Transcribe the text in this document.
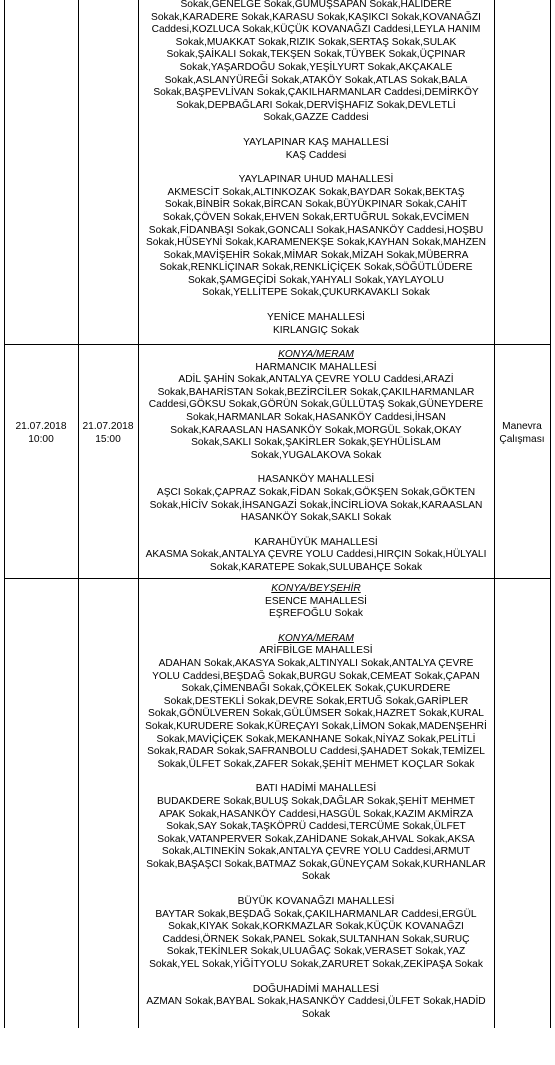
Sokak,GENELGE Sokak,GÜMÜŞSAPAN Sokak,HALIDERE

Sokak,KARADERE Sokak,KARASU Sokak,KAŞIKCI Sokak,KOVANAĞZI

Caddesi,KOZLUCA Sokak,KÜÇÜK KOVANAĞZI Caddesi,LEYLA HANIM

Sokak,MUAKKAT Sokak,RIZIK Sokak,SERTAŞ Sokak,SULAK

Sokak,ŞAİKALI Sokak,TEKŞEN Sokak,TÜYBEK Sokak,ÜÇPINAR

Sokak,YAŞARDOĞU Sokak,YEŞİLYURT Sokak,AKÇAKALE

Sokak,ASLANYÜREĞİ Sokak,ATAKÖY Sokak,ATLAS Sokak,BALA

Sokak,BAŞPEVLİVAN Sokak,ÇAKILHARMANLAR Caddesi,DEMİRKÖY

Sokak,DEPBAĞLARI Sokak,DERVİŞHAFIZ Sokak,DEVLETLİ

Sokak,GAZZE Caddesi

YAYLAPINAR KAŞ MAHALLESİ

KAŞ Caddesi

YAYLAPINAR UHUD MAHALLESİ

AKMESCİT Sokak,ALTINKOZAK Sokak,BAYDAR Sokak,BEKTAŞ

Sokak,BİNBİR Sokak,BİRCAN Sokak,BÜYÜKPINAR Sokak,CAHİT

Sokak,ÇÖVEN Sokak,EHVEN Sokak,ERTUĞRUL Sokak,EVCİMEN

Sokak,FİDANBAŞI Sokak,GONCALI Sokak,HASANKÖY Caddesi,HOŞBU

Sokak,HÜSEYNİ Sokak,KARAMENEKŞE Sokak,KAYHAN Sokak,MAHZEN

Sokak,MAVİŞEHİR Sokak,MİMAR Sokak,MİZAH Sokak,MÜBERRA

Sokak,RENKLİÇINAR Sokak,RENKLİÇİÇEK Sokak,SÖĞÜTLÜDERE

Sokak,ŞAMGEÇİDİ Sokak,YAHYALI Sokak,YAYLAYOLU

Sokak,YELLİTEPE Sokak,ÇUKURKAVAKLI Sokak

YENİCE MAHALLESİ

KIRLANGIÇ Sokak

KONYA/MERAM

HARMANCIK MAHALLESİ

ADİL ŞAHİN Sokak,ANTALYA ÇEVRE YOLU Caddesi,ARAZİ

Sokak,BAHARİSTAN Sokak,BEZİRCİLER Sokak,ÇAKILHARMANLAR

Caddesi,GÖKSU Sokak,GÖRÜN Sokak,GÜLLÜTAŞ Sokak,GÜNEYDERE

Sokak,HARMANLAR Sokak,HASANKÖY Caddesi,İHSAN

Sokak,KARAASLAN HASANKÖY Sokak,MORGÜL Sokak,OKAY

Sokak,SAKLI Sokak,ŞAKİRLER Sokak,ŞEYHÜLİSLAM

Sokak,YUGALAKOVA Sokak

HASANKÖY MAHALLESİ

AŞCI Sokak,ÇAPRAZ Sokak,FİDAN Sokak,GÖKŞEN Sokak,GÖKTEN

Sokak,HİCİV Sokak,İHSANGAZİ Sokak,İNCİRLİOVA Sokak,KARAASLAN

HASANKÖY Sokak,SAKLI Sokak

KARAHÜYÜK MAHALLESİ

AKASMA Sokak,ANTALYA ÇEVRE YOLU Caddesi,HIRÇIN Sokak,HÜLYALI

Sokak,KARATEPE Sokak,SULUBAHÇE Sokak

KONYA/BEYŞEHİR

ESENCE MAHALLESİ

EŞREFOĞLU Sokak

KONYA/MERAM

ARİFBİLGE MAHALLESİ

ADAHAN Sokak,AKASYA Sokak,ALTINYALI Sokak,ANTALYA ÇEVRE

YOLU Caddesi,BEŞDAĞ Sokak,BURGU Sokak,CEMEAT Sokak,ÇAPAN

Sokak,ÇİMENBAĞI Sokak,ÇÖKELEK Sokak,ÇUKURDERE

Sokak,DESTEKLİ Sokak,DEVRE Sokak,ERTUĞ Sokak,GARİPLER

Sokak,GÖNÜLVEREN Sokak,GÜLÜMSER Sokak,HAZRET Sokak,KURAL

Sokak,KURUDERE Sokak,KÜREÇAYI Sokak,LİMON Sokak,MADENŞEHRİ

Sokak,MAVİÇİÇEK Sokak,MEKANHANE Sokak,NİYAZ Sokak,PELİTLİ

Sokak,RADAR Sokak,SAFRANBOLU Caddesi,ŞAHADET Sokak,TEMİZEL

Sokak,ÜLFET Sokak,ZAFER Sokak,ŞEHİT MEHMET KOÇLAR Sokak

BATI HADİMİ MAHALLESİ

BUDAKDERE Sokak,BULUŞ Sokak,DAĞLAR Sokak,ŞEHİT MEHMET

APAK Sokak,HASANKÖY Caddesi,HASGÜL Sokak,KAZIM AKMİRZA

Sokak,SAY Sokak,TAŞKÖPRÜ Caddesi,TERCÜME Sokak,ÜLFET

Sokak,VATANPERVER Sokak,ZAHİDANE Sokak,AHVAL Sokak,AKSA

Sokak,ALTINEKİN Sokak,ANTALYA ÇEVRE YOLU Caddesi,ARMUT

Sokak,BAŞAŞCI Sokak,BATMAZ Sokak,GÜNEYÇAM Sokak,KURHANLAR

Sokak

BÜYÜK KOVANAĞZI MAHALLESİ

BAYTAR Sokak,BEŞDAĞ Sokak,ÇAKILHARMANLAR Caddesi,ERGÜL

Sokak,KIYAK Sokak,KORKMAZLAR Sokak,KÜÇÜK KOVANAĞZI

Caddesi,ÖRNEK Sokak,PANEL Sokak,SULTANHAN Sokak,SURUÇ

Sokak,TEKİNLER Sokak,ULUAĞAÇ Sokak,VERASET Sokak,YAZ

Sokak,YEL Sokak,YİĞİTYOLU Sokak,ZARURET Sokak,ZEKİPAŞA Sokak

DOĞUHADİMİ MAHALLESİ

AZMAN Sokak,BAYBAL Sokak,HASANKÖY Caddesi,ÜLFET Sokak,HADİD

Sokak

21.07.2018
10:00
21.07.2018
15:00
Manevra
Çalışması
